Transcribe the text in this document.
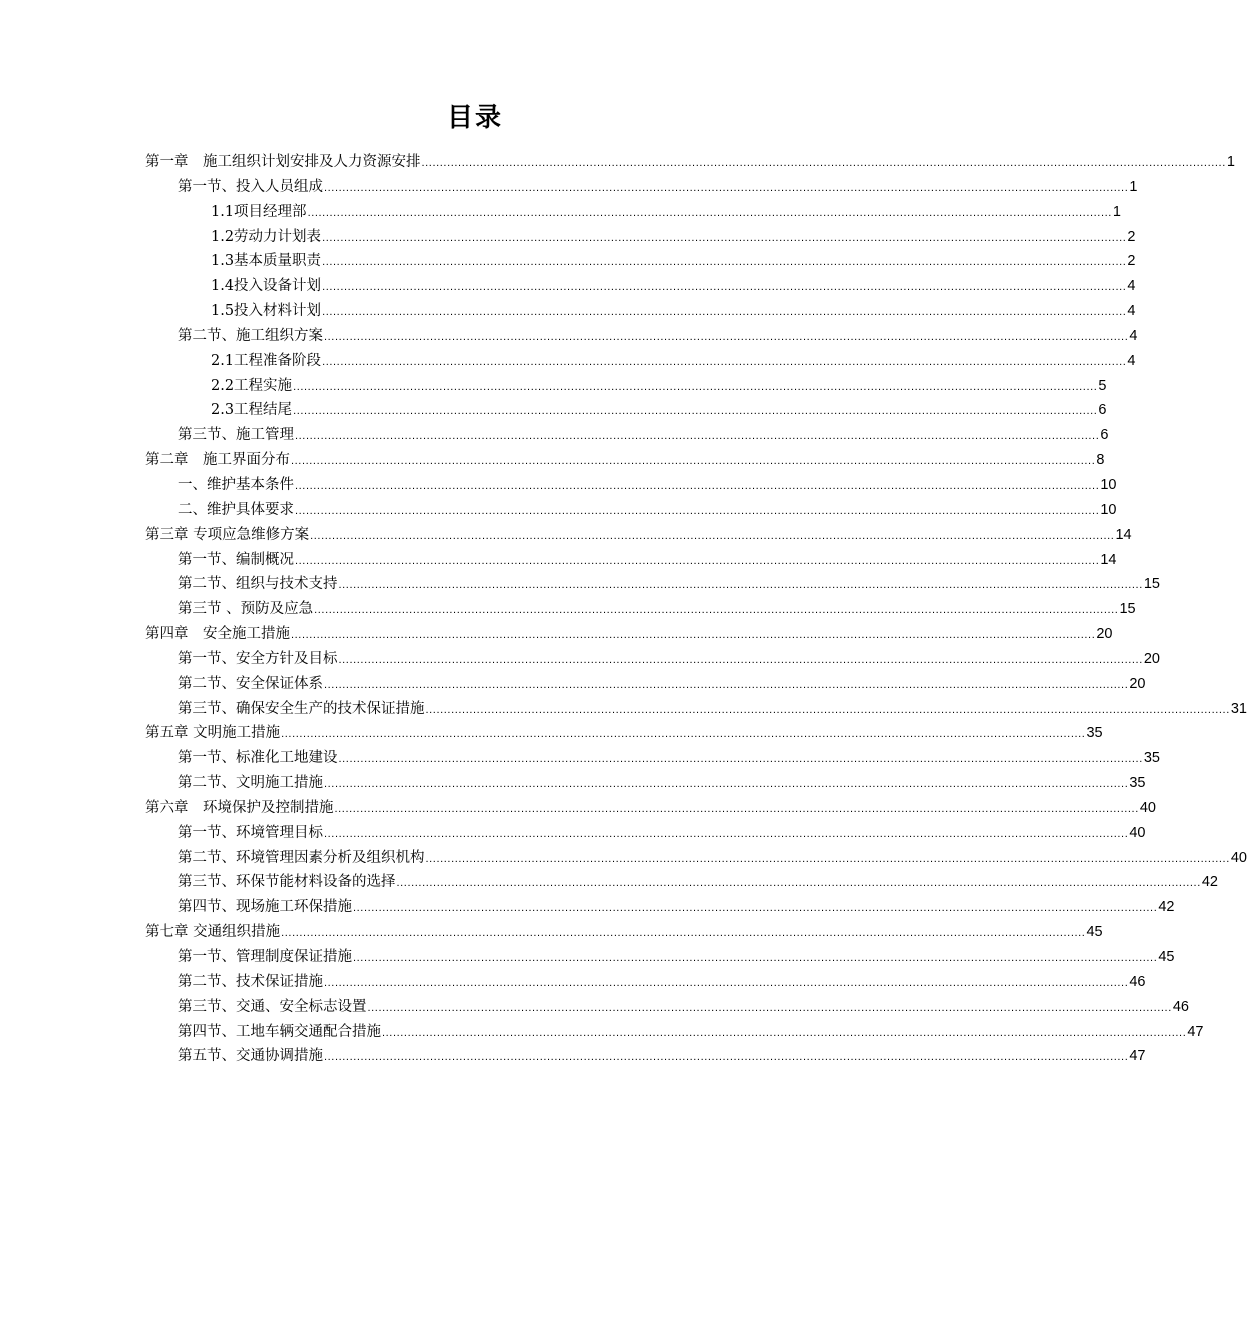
目录
第一章　施工组织计划安排及人力资源安排 ............................................................................................................................................................................................................................ 1
第一节、投入人员组成 ............................................................................................................................................................................................................................ 1
1.1项目经理部 ............................................................................................................................................................................................................................ 1
1.2劳动力计划表 ............................................................................................................................................................................................................................ 2
1.3基本质量职责 ............................................................................................................................................................................................................................ 2
1.4投入设备计划 ............................................................................................................................................................................................................................ 4
1.5投入材料计划 ............................................................................................................................................................................................................................ 4
第二节、施工组织方案 ............................................................................................................................................................................................................................ 4
2.1工程准备阶段 ............................................................................................................................................................................................................................ 4
2.2工程实施 ............................................................................................................................................................................................................................ 5
2.3工程结尾 ............................................................................................................................................................................................................................ 6
第三节、施工管理 ............................................................................................................................................................................................................................ 6
第二章　施工界面分布 ............................................................................................................................................................................................................................ 8
一、维护基本条件 ............................................................................................................................................................................................................................ 10
二、维护具体要求 ............................................................................................................................................................................................................................ 10
第三章 专项应急维修方案 ............................................................................................................................................................................................................................ 14
第一节、编制概况 ............................................................................................................................................................................................................................ 14
第二节、组织与技术支持 ............................................................................................................................................................................................................................ 15
第三节 、预防及应急 ............................................................................................................................................................................................................................ 15
第四章　安全施工措施 ............................................................................................................................................................................................................................ 20
第一节、安全方针及目标 ............................................................................................................................................................................................................................ 20
第二节、安全保证体系 ............................................................................................................................................................................................................................ 20
第三节、确保安全生产的技术保证措施 ............................................................................................................................................................................................................................ 31
第五章 文明施工措施 ............................................................................................................................................................................................................................ 35
第一节、标准化工地建设 ............................................................................................................................................................................................................................ 35
第二节、文明施工措施 ............................................................................................................................................................................................................................ 35
第六章　环境保护及控制措施 ............................................................................................................................................................................................................................ 40
第一节、环境管理目标 ............................................................................................................................................................................................................................ 40
第二节、环境管理因素分析及组织机构 ............................................................................................................................................................................................................................ 40
第三节、环保节能材料设备的选择 ............................................................................................................................................................................................................................ 42
第四节、现场施工环保措施 ............................................................................................................................................................................................................................ 42
第七章 交通组织措施 ............................................................................................................................................................................................................................ 45
第一节、管理制度保证措施 ............................................................................................................................................................................................................................ 45
第二节、技术保证措施 ............................................................................................................................................................................................................................ 46
第三节、交通、安全标志设置 ............................................................................................................................................................................................................................ 46
第四节、工地车辆交通配合措施 ............................................................................................................................................................................................................................ 47
第五节、交通协调措施 ............................................................................................................................................................................................................................ 47
